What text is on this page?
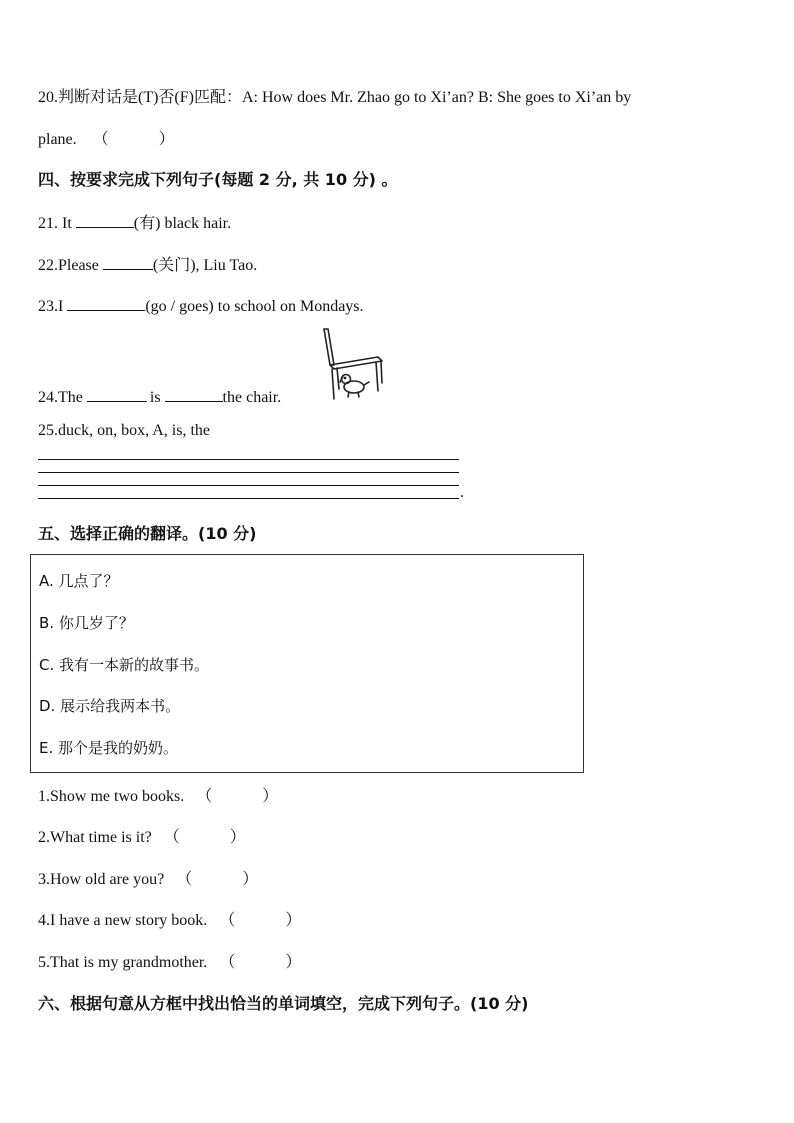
20.判断对话是(T)否(F)匹配：A: How does Mr. Zhao go to Xi’an? B: She goes to Xi’an by
plane. （	）
四、按要求完成下列句子(每题 2 分, 共 10 分) 。
21. It	(有) black hair.
22.Please	(关门), Liu Tao.
23.I	(go / goes) to school on Mondays.
24.The	is	the chair.
25.duck, on, box, A, is, the
.
五、选择正确的翻译。(10 分)
A. 几点了？
B. 你几岁了？
C. 我有一本新的故事书。
D. 展示给我两本书。
E. 那个是我的奶奶。
1.Show me two books. （	）
2.What time is it? （	）
3.How old are you? （	）
4.I have a new story book. （	）
5.That is my grandmother. （	）
六、根据句意从方框中找出恰当的单词填空，完成下列句子。(10 分)
